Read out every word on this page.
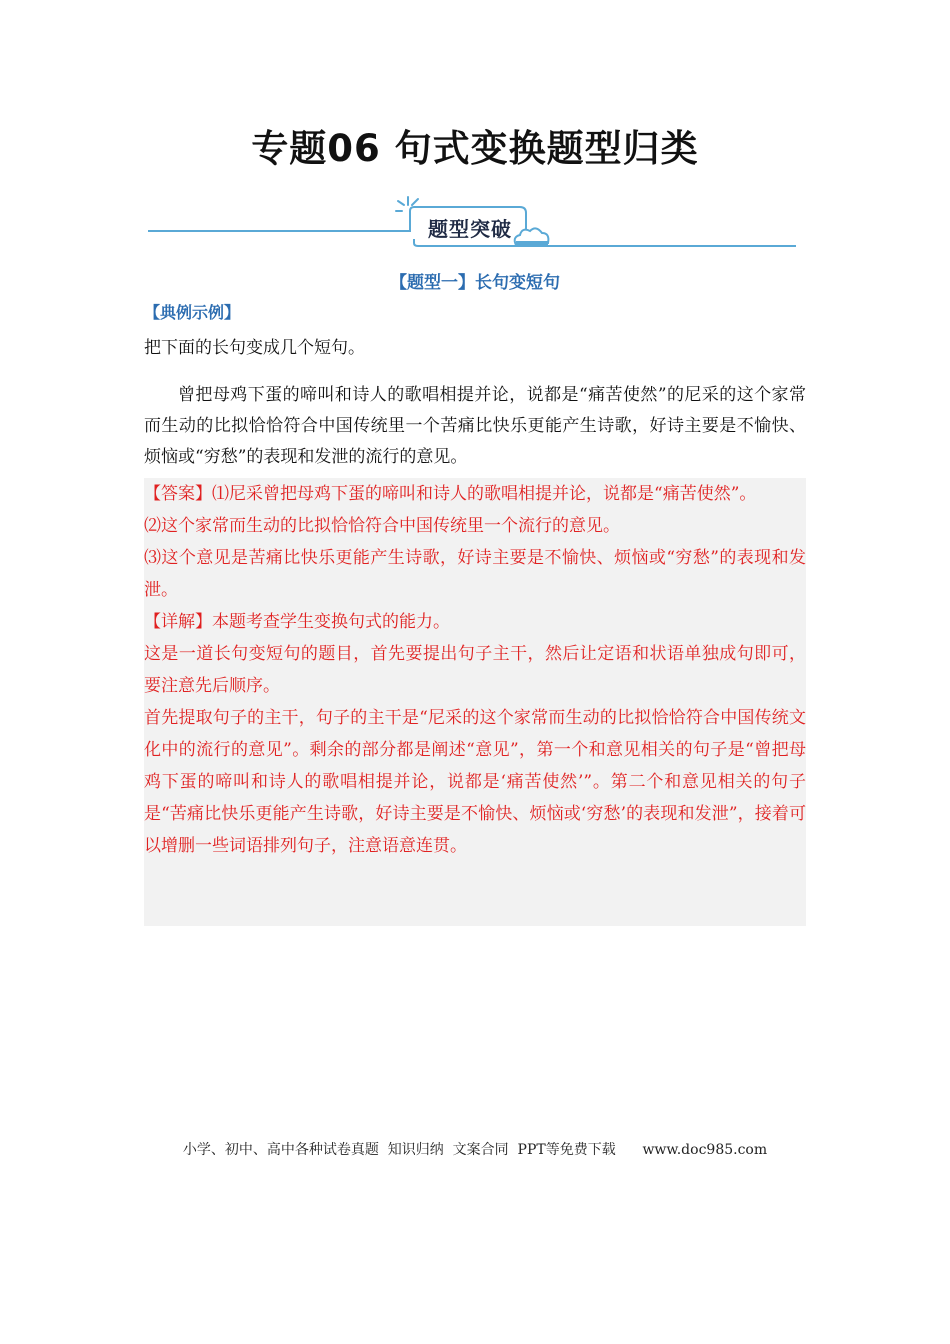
专题06 句式变换题型归类
题型突破
【题型一】长句变短句
【典例示例】
把下面的长句变成几个短句。
曾把母鸡下蛋的啼叫和诗人的歌唱相提并论，说都是“痛苦使然”的尼采的这个家常而生动的比拟恰恰符合中国传统里一个苦痛比快乐更能产生诗歌，好诗主要是不愉快、烦恼或“穷愁”的表现和发泄的流行的意见。

【答案】⑴尼采曾把母鸡下蛋的啼叫和诗人的歌唱相提并论，说都是“痛苦使然”。

⑵这个家常而生动的比拟恰恰符合中国传统里一个流行的意见。

⑶这个意见是苦痛比快乐更能产生诗歌，好诗主要是不愉快、烦恼或“穷愁”的表现和发泄。

【详解】本题考查学生变换句式的能力。

这是一道长句变短句的题目，首先要提出句子主干，然后让定语和状语单独成句即可，要注意先后顺序。

首先提取句子的主干，句子的主干是“尼采的这个家常而生动的比拟恰恰符合中国传统文化中的流行的意见”。剩余的部分都是阐述“意见”，第一个和意见相关的句子是“曾把母鸡下蛋的啼叫和诗人的歌唱相提并论，说都是‘痛苦使然’”。第二个和意见相关的句子是“苦痛比快乐更能产生诗歌，好诗主要是不愉快、烦恼或‘穷愁’的表现和发泄”，接着可以增删一些词语排列句子，注意语意连贯。

小学、初中、高中各种试卷真题  知识归纳  文案合同  PPT等免费下载      www.doc985.com
